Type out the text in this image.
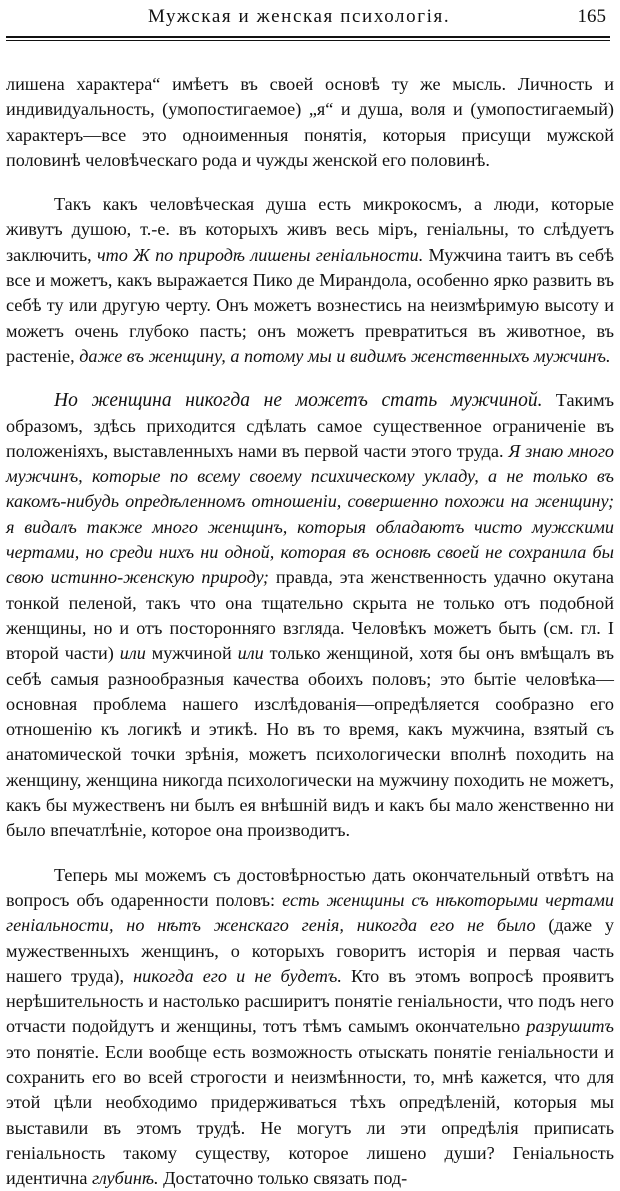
Мужская и женская психологія.	165

лишена характера“ имѣетъ въ своей основѣ ту же мысль. Личность и индивидуальность, (умопостигаемое) „я“ и душа, воля и (умопостигаемый) характеръ—все это одноименныя понятія, которыя присущи мужской половинѣ человѣческаго рода и чужды женской его половинѣ.

Такъ какъ человѣческая душа есть микрокосмъ, а люди, которые живутъ душою, т.-е. въ которыхъ живъ весь міръ, геніальны, то слѣдуетъ заключить, что Ж по природѣ лишены геніальности. Мужчина таитъ въ себѣ все и можетъ, какъ выражается Пико де Мирандола, особенно ярко развить въ себѣ ту или другую черту. Онъ можетъ вознестись на неизмѣримую высоту и можетъ очень глубоко пасть; онъ можетъ превратиться въ животное, въ растеніе, даже въ женщину, а потому мы и видимъ женственныхъ мужчинъ.

Но женщина никогда не можетъ стать мужчиной. Такимъ образомъ, здѣсь приходится сдѣлать самое существенное ограниченіе въ положеніяхъ, выставленныхъ нами въ первой части этого труда. Я знаю много мужчинъ, которые по всему своему психическому укладу, а не только въ какомъ-нибудь опредѣленномъ отношеніи, совершенно похожи на женщину; я видалъ также много женщинъ, которыя обладаютъ чисто мужскими чертами, но среди нихъ ни одной, которая въ основѣ своей не сохранила бы свою истинно-женскую природу; правда, эта женственность удачно окутана тонкой пеленой, такъ что она тщательно скрыта не только отъ подобной женщины, но и отъ посторонняго взгляда. Человѣкъ можетъ быть (см. гл. I второй части) или мужчиной или только женщиной, хотя бы онъ вмѣщалъ въ себѣ самыя разнообразныя качества обоихъ половъ; это бытіе человѣка—основная проблема нашего изслѣдованія—опредѣляется сообразно его отношенію къ логикѣ и этикѣ. Но въ то время, какъ мужчина, взятый съ анатомической точки зрѣнія, можетъ психологически вполнѣ походить на женщину, женщина никогда психологически на мужчину походить не можетъ, какъ бы мужественъ ни былъ ея внѣшній видъ и какъ бы мало женственно ни было впечатлѣніе, которое она производитъ.

Теперь мы можемъ съ достовѣрностью дать окончательный отвѣтъ на вопросъ объ одаренности половъ: есть женщины съ нѣкоторыми чертами геніальности, но нѣтъ женскаго генія, никогда его не было (даже у мужественныхъ женщинъ, о которыхъ говоритъ исторія и первая часть нашего труда), никогда его и не будетъ. Кто въ этомъ вопросѣ проявитъ нерѣшительность и настолько расширитъ понятіе геніальности, что подъ него отчасти подойдутъ и женщины, тотъ тѣмъ самымъ окончательно разрушитъ это понятіе. Если вообще есть возможность отыскать понятіе геніальности и сохранить его во всей строгости и неизмѣнности, то, мнѣ кажется, что для этой цѣли необходимо придерживаться тѣхъ опредѣленій, которыя мы выставили въ этомъ трудѣ. Не могутъ ли эти опредѣлія приписать геніальность такому существу, которое лишено души? Геніальность идентична глубинѣ. Достаточно только связать под-
